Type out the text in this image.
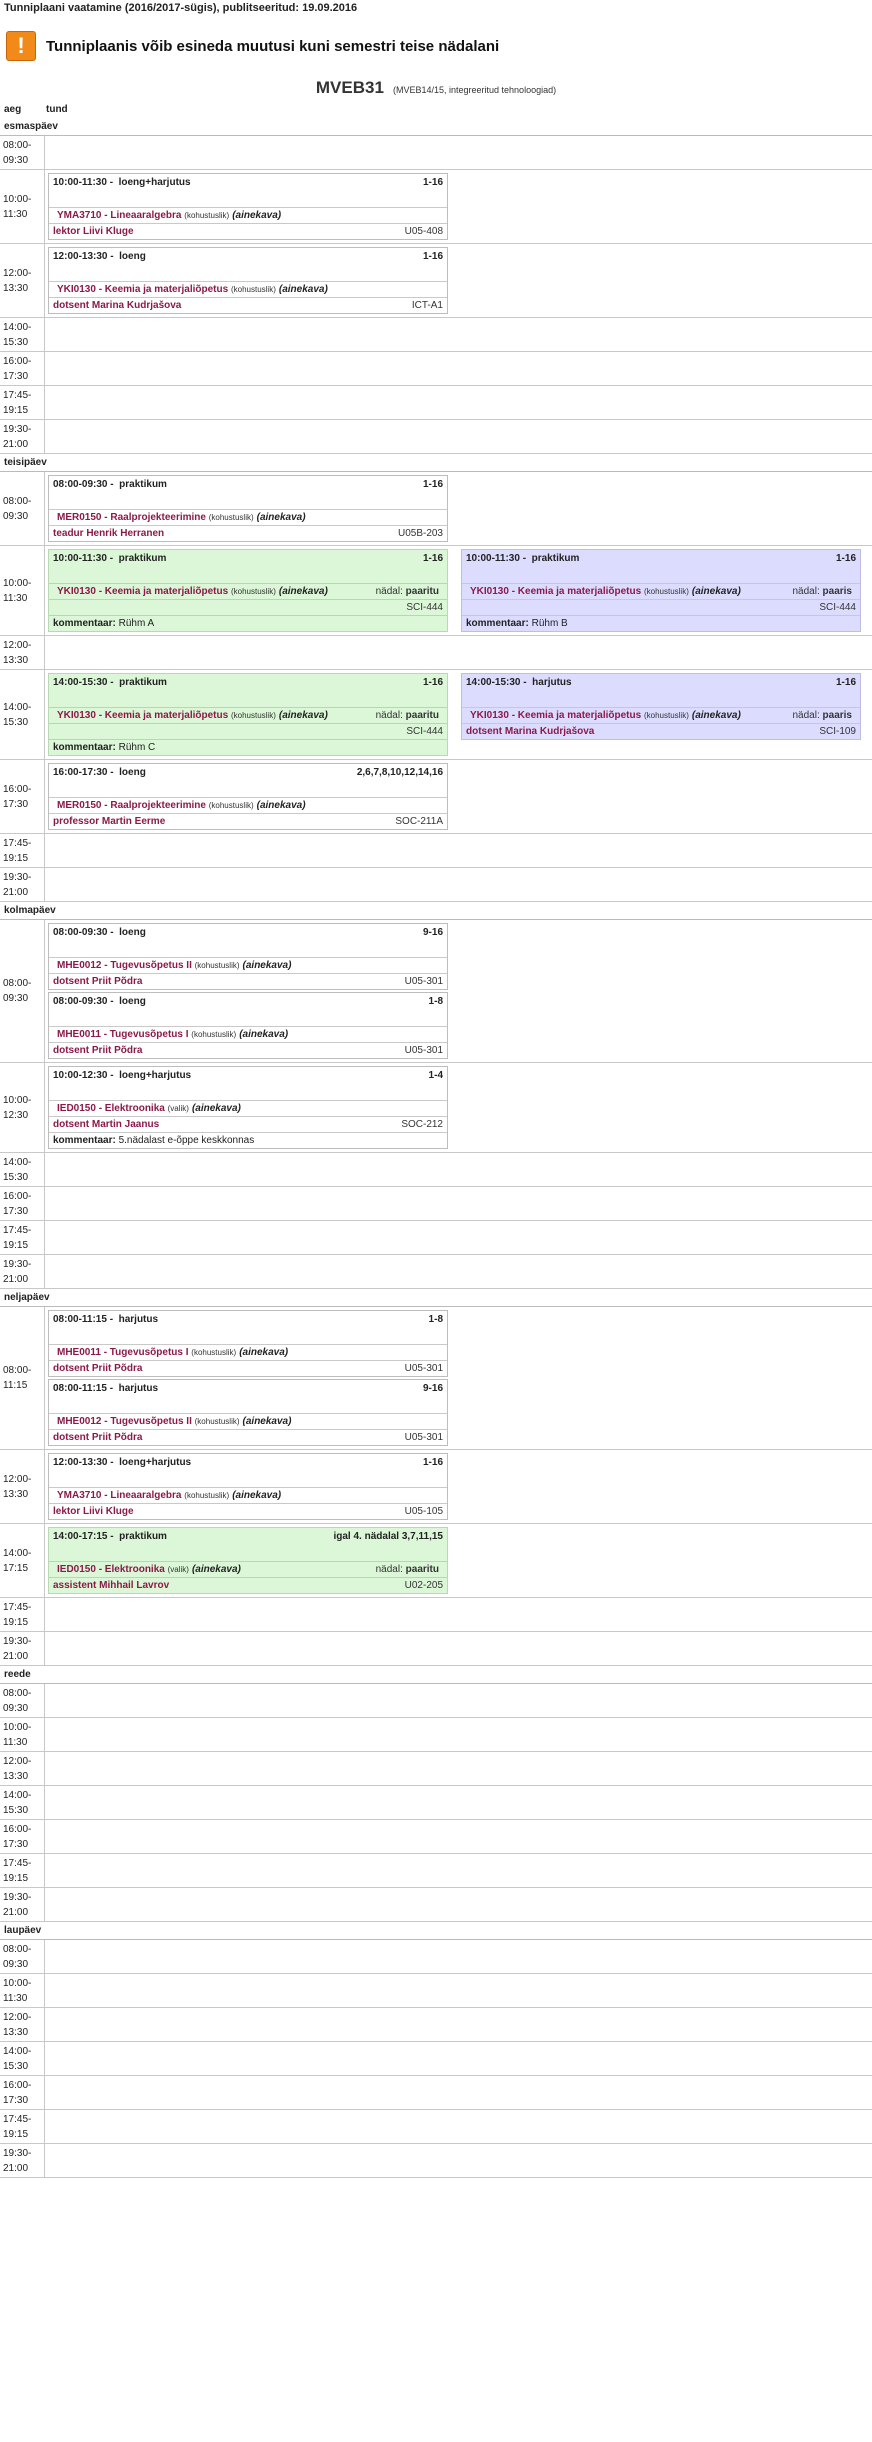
Tunniplaani vaatamine (2016/2017-sügis), publitseeritud: 19.09.2016
!	Tunniplaanis võib esineda muutusi kuni semestri teise nädalani
MVEB31 (MVEB14/15, integreeritud tehnoloogiad)
aeg	tund
esmaspäev
08:00-
09:30
10:00-
11:30
10:00-11:30 - loeng+harjutus	1-16
YMA3710 - Lineaaralgebra (kohustuslik) (ainekava)
lektor Liivi Kluge	U05-408
12:00-
13:30
12:00-13:30 - loeng	1-16
YKI0130 - Keemia ja materjaliõpetus (kohustuslik) (ainekava)
dotsent Marina Kudrjašova	ICT-A1
14:00-
15:30
16:00-
17:30
17:45-
19:15
19:30-
21:00
teisipäev
08:00-
09:30
08:00-09:30 - praktikum	1-16
MER0150 - Raalprojekteerimine (kohustuslik) (ainekava)
teadur Henrik Herranen	U05B-203
10:00-
11:30
10:00-11:30 - praktikum	1-16
YKI0130 - Keemia ja materjaliõpetus (kohustuslik) (ainekava)	nädal: paaritu
SCI-444
kommentaar: Rühm A
10:00-11:30 - praktikum	1-16
YKI0130 - Keemia ja materjaliõpetus (kohustuslik) (ainekava)	nädal: paaris
SCI-444
kommentaar: Rühm B
12:00-
13:30
14:00-
15:30
14:00-15:30 - praktikum	1-16
YKI0130 - Keemia ja materjaliõpetus (kohustuslik) (ainekava)	nädal: paaritu
SCI-444
kommentaar: Rühm C
14:00-15:30 - harjutus	1-16
YKI0130 - Keemia ja materjaliõpetus (kohustuslik) (ainekava)	nädal: paaris
dotsent Marina Kudrjašova	SCI-109
16:00-
17:30
16:00-17:30 - loeng	2,6,7,8,10,12,14,16
MER0150 - Raalprojekteerimine (kohustuslik) (ainekava)
professor Martin Eerme	SOC-211A
17:45-
19:15
19:30-
21:00
kolmapäev
08:00-
09:30
08:00-09:30 - loeng	9-16
MHE0012 - Tugevusõpetus II (kohustuslik) (ainekava)
dotsent Priit Põdra	U05-301
08:00-09:30 - loeng	1-8
MHE0011 - Tugevusõpetus I (kohustuslik) (ainekava)
dotsent Priit Põdra	U05-301
10:00-
12:30
10:00-12:30 - loeng+harjutus	1-4
IED0150 - Elektroonika (valik) (ainekava)
dotsent Martin Jaanus	SOC-212
kommentaar: 5.nädalast e-õppe keskkonnas
14:00-
15:30
16:00-
17:30
17:45-
19:15
19:30-
21:00
neljapäev
08:00-
11:15
08:00-11:15 - harjutus	1-8
MHE0011 - Tugevusõpetus I (kohustuslik) (ainekava)
dotsent Priit Põdra	U05-301
08:00-11:15 - harjutus	9-16
MHE0012 - Tugevusõpetus II (kohustuslik) (ainekava)
dotsent Priit Põdra	U05-301
12:00-
13:30
12:00-13:30 - loeng+harjutus	1-16
YMA3710 - Lineaaralgebra (kohustuslik) (ainekava)
lektor Liivi Kluge	U05-105
14:00-
17:15
14:00-17:15 - praktikum	igal 4. nädalal 3,7,11,15
IED0150 - Elektroonika (valik) (ainekava)	nädal: paaritu
assistent Mihhail Lavrov	U02-205
17:45-
19:15
19:30-
21:00
reede
08:00-
09:30
10:00-
11:30
12:00-
13:30
14:00-
15:30
16:00-
17:30
17:45-
19:15
19:30-
21:00
laupäev
08:00-
09:30
10:00-
11:30
12:00-
13:30
14:00-
15:30
16:00-
17:30
17:45-
19:15
19:30-
21:00
